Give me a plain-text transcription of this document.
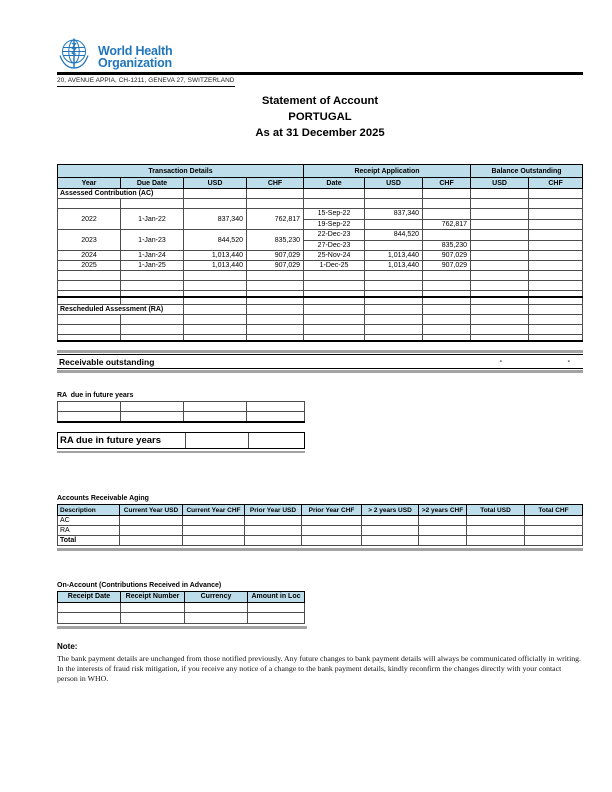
World Health
Organization
20, AVENUE APPIA, CH-1211, GENEVA 27, SWITZERLAND
Statement of Account
PORTUGAL
As at 31 December 2025
Transaction Details				Receipt Application			Balance Outstanding	
Year	Due Date	USD	CHF	Date	USD	CHF	USD	CHF
Assessed Contribution (AC)								

2022	1-Jan-22	837,340	762,817	15-Sep-22	837,340			
				19-Sep-22		762,817		
2023	1-Jan-23	844,520	835,230	22-Dec-23	844,520			
				27-Dec-23		835,230		
2024	1-Jan-24	1,013,440	907,029	25-Nov-24	1,013,440	907,029		
2025	1-Jan-25	1,013,440	907,029	1-Dec-25	1,013,440	907,029		

Rescheduled Assessment (RA)								

Receivable outstanding	-	-
RA  due in future years

RA due in future years
Accounts Receivable Aging
Description	Current Year USD	Current Year CHF	Prior Year USD	Prior Year CHF	> 2 years USD	>2 years CHF	Total USD	Total CHF
AC								
RA								
Total								
On-Account (Contributions Received in Advance)
Receipt Date	Receipt Number	Currency	Amount in Loc

Note:
The bank payment details are unchanged from those notified previously. Any future changes to bank payment details will always be communicated officially in writing. In the interests of fraud risk mitigation, if you receive any notice of a change to the bank payment details, kindly reconfirm the changes directly with your contact person in WHO.
